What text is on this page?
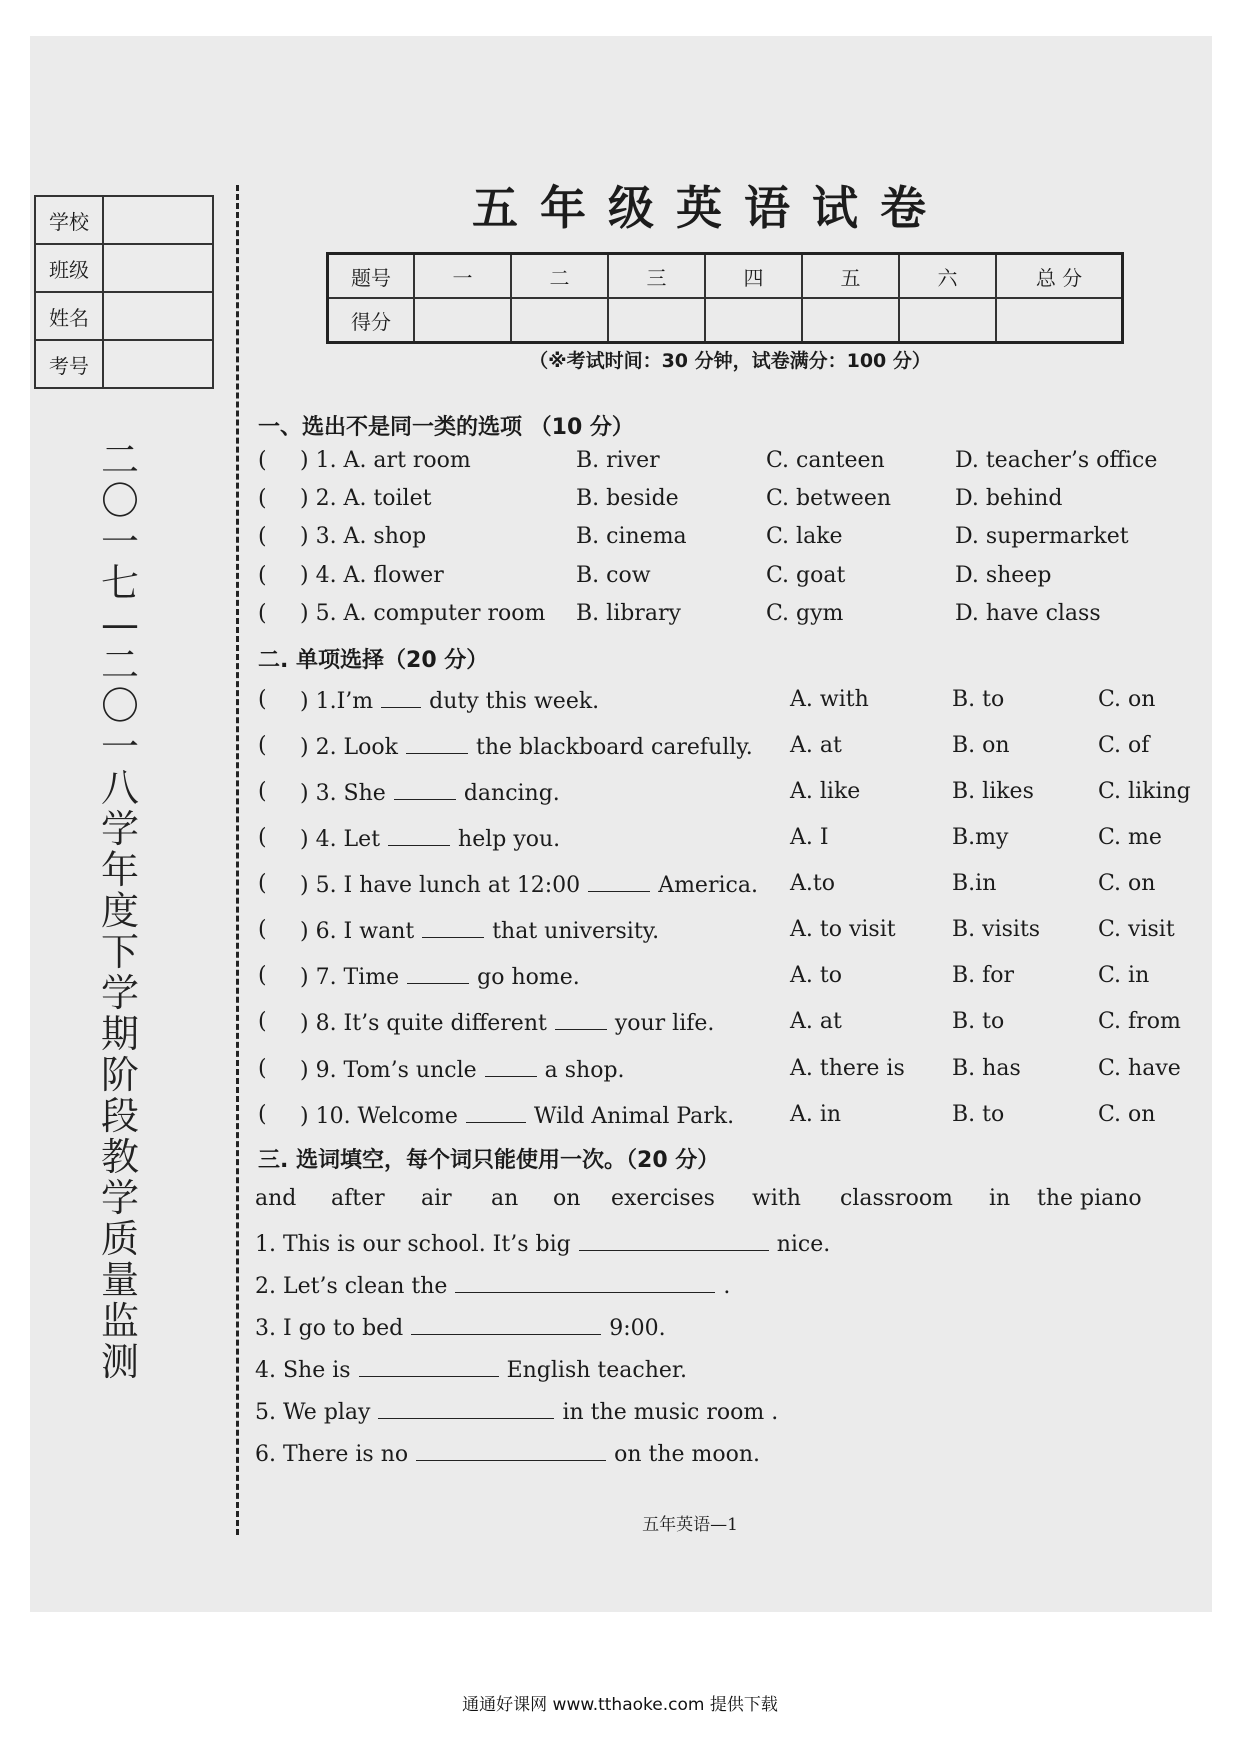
学校	
班级	
姓名	
考号	
二
〇
一
七
—
二
〇
一
八
学
年
度
下
学
期
阶
段
教
学
质
量
监
测
五年级英语试卷
题号	一	二	三	四	五	六	总 分
得分							
（※考试时间：30 分钟，试卷满分：100 分）
一、选出不是同一类的选项 （10 分）
( ) 1. A. art room	B. river	C. canteen	D. teacher’s office
( ) 2. A. toilet	B. beside	C. between	D. behind
( ) 3. A. shop	B. cinema	C. lake	D. supermarket
( ) 4. A. flower	B. cow	C. goat	D. sheep
( ) 5. A. computer room B. library	C. gym	D. have class
二. 单项选择（20 分）
( ) 1.I’m	duty this week.	A. with	B. to	C. on
( ) 2. Look	the blackboard carefully. A. at	B. on	C. of
( ) 3. She	dancing.	A. like	B. likes	C. liking
( ) 4. Let	help you.	A. I	B.my	C. me
( ) 5. I have lunch at 12:00	America. A.to	B.in	C. on
( ) 6. I want	that university.	A. to visit	B. visits	C. visit
( ) 7. Time	go home.	A. to	B. for	C. in
( ) 8. It’s quite different	your life.	A. at	B. to	C. from
( ) 9. Tom’s uncle	a shop.	A. there is B. has	C. have
( ) 10. Welcome	Wild Animal Park.	A. in	B. to	C. on
三. 选词填空，每个词只能使用一次。（20 分）
and after air an on exercises with classroom in the piano
1. This is our school. It’s big	nice.
2. Let’s clean the	.
3. I go to bed	9:00.
4. She is	English teacher.
5. We play	in the music room .
6. There is no	on the moon.
五年英语—1
通通好课网 www.tthaoke.com 提供下载
